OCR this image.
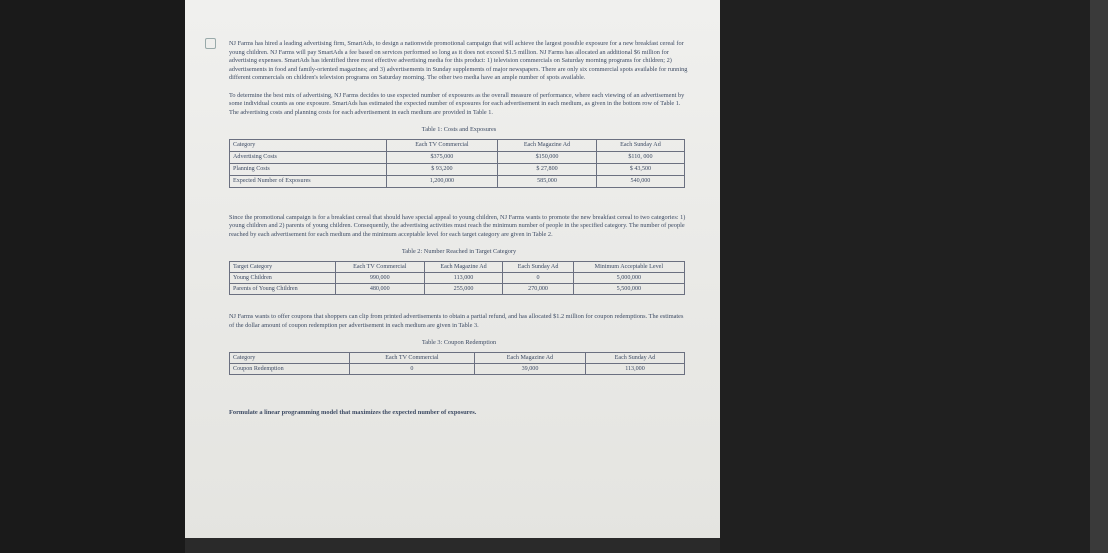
NJ Farms has hired a leading advertising firm, SmartAds, to design a nationwide promotional campaign that will achieve the largest possible exposure for a new breakfast cereal for young children. NJ Farms will pay SmartAds a fee based on services performed so long as it does not exceed $1.5 million. NJ Farms has allocated an additional $6 million for advertising expenses. SmartAds has identified three most effective advertising media for this product: 1) television commercials on Saturday morning programs for children; 2) advertisements in food and family-oriented magazines; and 3) advertisements in Sunday supplements of major newspapers. There are only six commercial spots available for running different commercials on children's television programs on Saturday morning. The other two media have an ample number of spots available.

To determine the best mix of advertising, NJ Farms decides to use expected number of exposures as the overall measure of performance, where each viewing of an advertisement by some individual counts as one exposure. SmartAds has estimated the expected number of exposures for each advertisement in each medium, as given in the bottom row of Table 1. The advertising costs and planning costs for each advertisement in each medium are provided in Table 1.

Table 1: Costs and Exposures
Category	Each TV Commercial	Each Magazine Ad	Each Sunday Ad
Advertising Costs	$375,000	$150,000	$110, 000
Planning Costs	$ 93,200	$ 27,800	$ 43,500
Expected Number of Exposures	1,200,000	585,000	540,000

Since the promotional campaign is for a breakfast cereal that should have special appeal to young children, NJ Farms wants to promote the new breakfast cereal to two categories: 1) young children and 2) parents of young children. Consequently, the advertising activities must reach the minimum number of people in the specified category. The number of people reached by each advertisement for each medium and the minimum acceptable level for each target category are given in Table 2.

Table 2: Number Reached in Target Category
Target Category	Each TV Commercial	Each Magazine Ad	Each Sunday Ad	Minimum Acceptable Level
Young Children	990,000	113,000	0	5,000,000
Parents of Young Children	480,000	255,000	270,000	5,500,000

NJ Farms wants to offer coupons that shoppers can clip from printed advertisements to obtain a partial refund, and has allocated $1.2 million for coupon redemptions. The estimates of the dollar amount of coupon redemption per advertisement in each medium are given in Table 3.

Table 3: Coupon Redemption
Category	Each TV Commercial	Each Magazine Ad	Each Sunday Ad
Coupon Redemption	0	39,000	113,000
Formulate a linear programming model that maximizes the expected number of exposures.
